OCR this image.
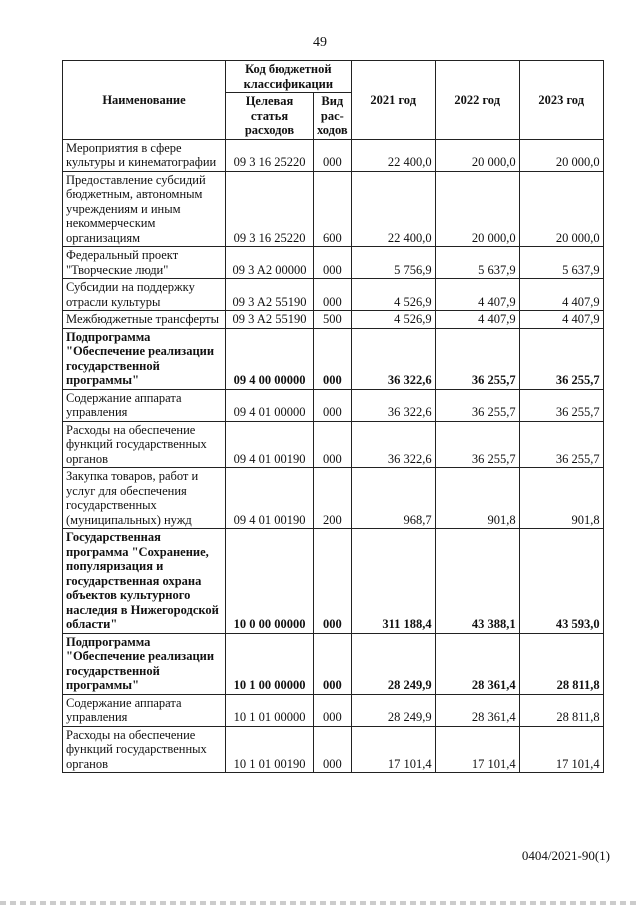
49
Наименование	Код бюджетной классификации		2021 год	2022 год	2023 год
	Целевая статья расходов	Вид рас-ходов			
Мероприятия в сфере культуры и кинематографии	09 3 16 25220	000	22 400,0	20 000,0	20 000,0
Предоставление субсидий бюджетным, автономным учреждениям и иным некоммерческим организациям	09 3 16 25220	600	22 400,0	20 000,0	20 000,0
Федеральный проект "Творческие люди"	09 3 A2 00000	000	5 756,9	5 637,9	5 637,9
Субсидии на поддержку отрасли культуры	09 3 A2 55190	000	4 526,9	4 407,9	4 407,9
Межбюджетные трансферты	09 3 A2 55190	500	4 526,9	4 407,9	4 407,9
Подпрограмма "Обеспечение реализации государственной программы"	09 4 00 00000	000	36 322,6	36 255,7	36 255,7
Содержание аппарата управления	09 4 01 00000	000	36 322,6	36 255,7	36 255,7
Расходы на обеспечение функций государственных органов	09 4 01 00190	000	36 322,6	36 255,7	36 255,7
Закупка товаров, работ и услуг для обеспечения государственных (муниципальных) нужд	09 4 01 00190	200	968,7	901,8	901,8
Государственная программа "Сохранение, популяризация и государственная охрана объектов культурного наследия в Нижегородской области"	10 0 00 00000	000	311 188,4	43 388,1	43 593,0
Подпрограмма "Обеспечение реализации государственной программы"	10 1 00 00000	000	28 249,9	28 361,4	28 811,8
Содержание аппарата управления	10 1 01 00000	000	28 249,9	28 361,4	28 811,8
Расходы на обеспечение функций государственных органов	10 1 01 00190	000	17 101,4	17 101,4	17 101,4
0404/2021-90(1)
